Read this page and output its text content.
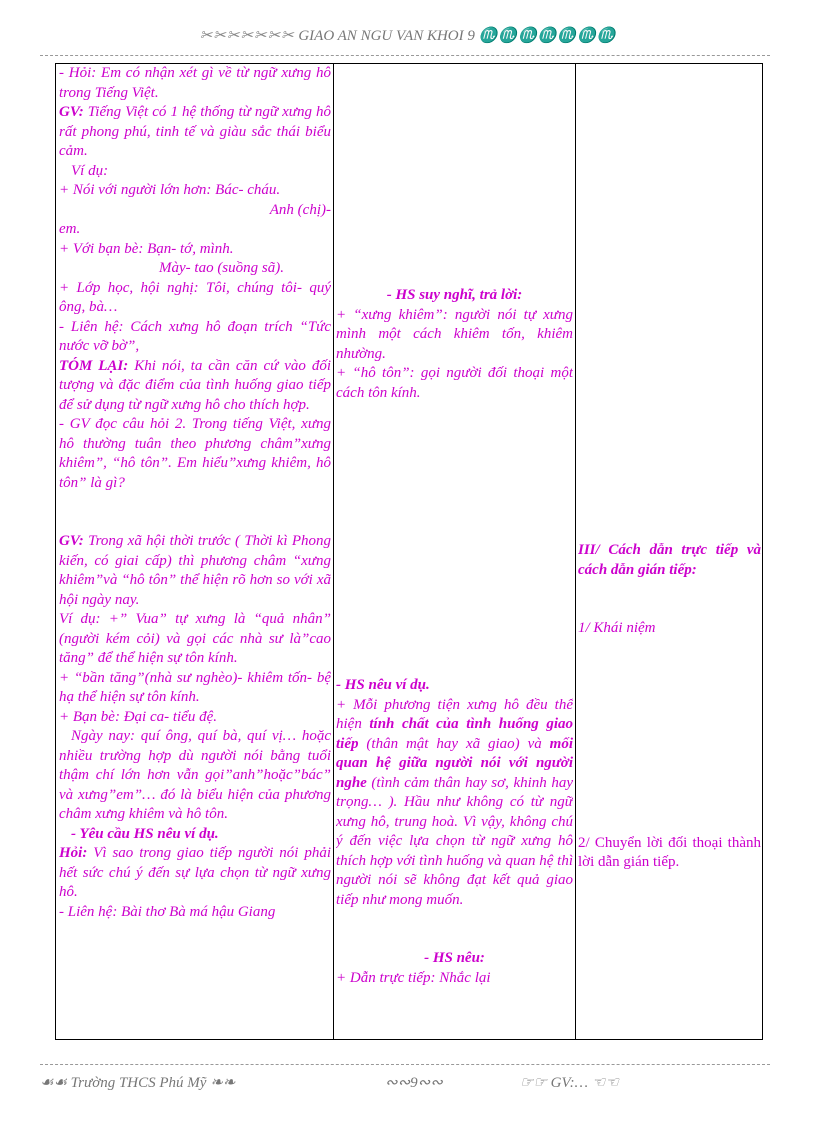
✂✂✂✂✂✂✂ GIAO AN NGU VAN KHOI 9 ♏♏♏♏♏♏♏

- Hỏi: Em có nhận xét gì về từ ngữ xưng hô trong Tiếng Việt.

GV: Tiếng Việt có 1 hệ thống từ ngữ xưng hô rất phong phú, tinh tế và giàu sắc thái biểu cảm.

Ví dụ:

+ Nói với người lớn hơn: Bác- cháu.

Anh (chị)-

em.

+ Với bạn bè: Bạn- tớ, mình.

Mày- tao (suồng sã).

+ Lớp học, hội nghị: Tôi, chúng tôi- quý ông, bà…

- Liên hệ: Cách xưng hô đoạn trích “Tức nước vỡ bờ”,

TÓM LẠI: Khi nói, ta cần căn cứ vào đối tượng và đặc điểm của tình huống giao tiếp để sử dụng từ ngữ xưng hô cho thích hợp.

- GV đọc câu hỏi 2. Trong tiếng Việt, xưng hô thường tuân theo phương châm”xưng khiêm”, “hô tôn”. Em hiểu”xưng khiêm, hô tôn” là gì?

GV: Trong xã hội thời trước ( Thời kì Phong kiến, có giai cấp) thì phương châm “xưng khiêm”và “hô tôn” thể hiện rõ hơn so với xã hội ngày nay.

Ví dụ: +” Vua” tự xưng là “quả nhân” (người kém cỏi) và gọi các nhà sư là”cao tăng” để thể hiện sự tôn kính.

+ “bần tăng”(nhà sư nghèo)- khiêm tốn- bệ hạ thể hiện sự tôn kính.

+ Bạn bè: Đại ca- tiểu đệ.

Ngày nay: quí ông, quí bà, quí vị… hoặc nhiều trường hợp dù người nói bằng tuổi thậm chí lớn hơn vẫn gọi”anh”hoặc”bác” và xưng”em”… đó là biểu hiện của phương châm xưng khiêm và hô tôn.

- Yêu cầu HS nêu ví dụ.

Hỏi: Vì sao trong giao tiếp người nói phải hết sức chú ý đến sự lựa chọn từ ngữ xưng hô.

- Liên hệ: Bài thơ Bà má hậu Giang

- HS suy nghĩ, trả lời:

+ “xưng khiêm”: người nói tự xưng mình một cách khiêm tốn, khiêm nhường.

+ “hô tôn”: gọi người đối thoại một cách tôn kính.

- HS nêu ví dụ.

+ Mỗi phương tiện xưng hô đều thể hiện tính chất của tình huống giao tiếp (thân mật hay xã giao) và mối quan hệ giữa người nói với người nghe (tình cảm thân hay sơ, khinh hay trọng… ). Hầu như không có từ ngữ xưng hô, trung hoà. Vì vậy, không chú ý đến việc lựa chọn từ ngữ xưng hô thích hợp với tình huống và quan hệ thì người nói sẽ không đạt kết quả giao tiếp như mong muốn.

- HS nêu:

+ Dẫn trực tiếp: Nhắc lại

III/ Cách dẫn trực tiếp và cách dẫn gián tiếp:

1/ Khái niệm

2/ Chuyển lời đối thoại thành lời dẫn gián tiếp.

☙☙ Trường THCS Phú Mỹ ❧❧	∾∾9∾∾	☞☞ GV:… ☜☜
